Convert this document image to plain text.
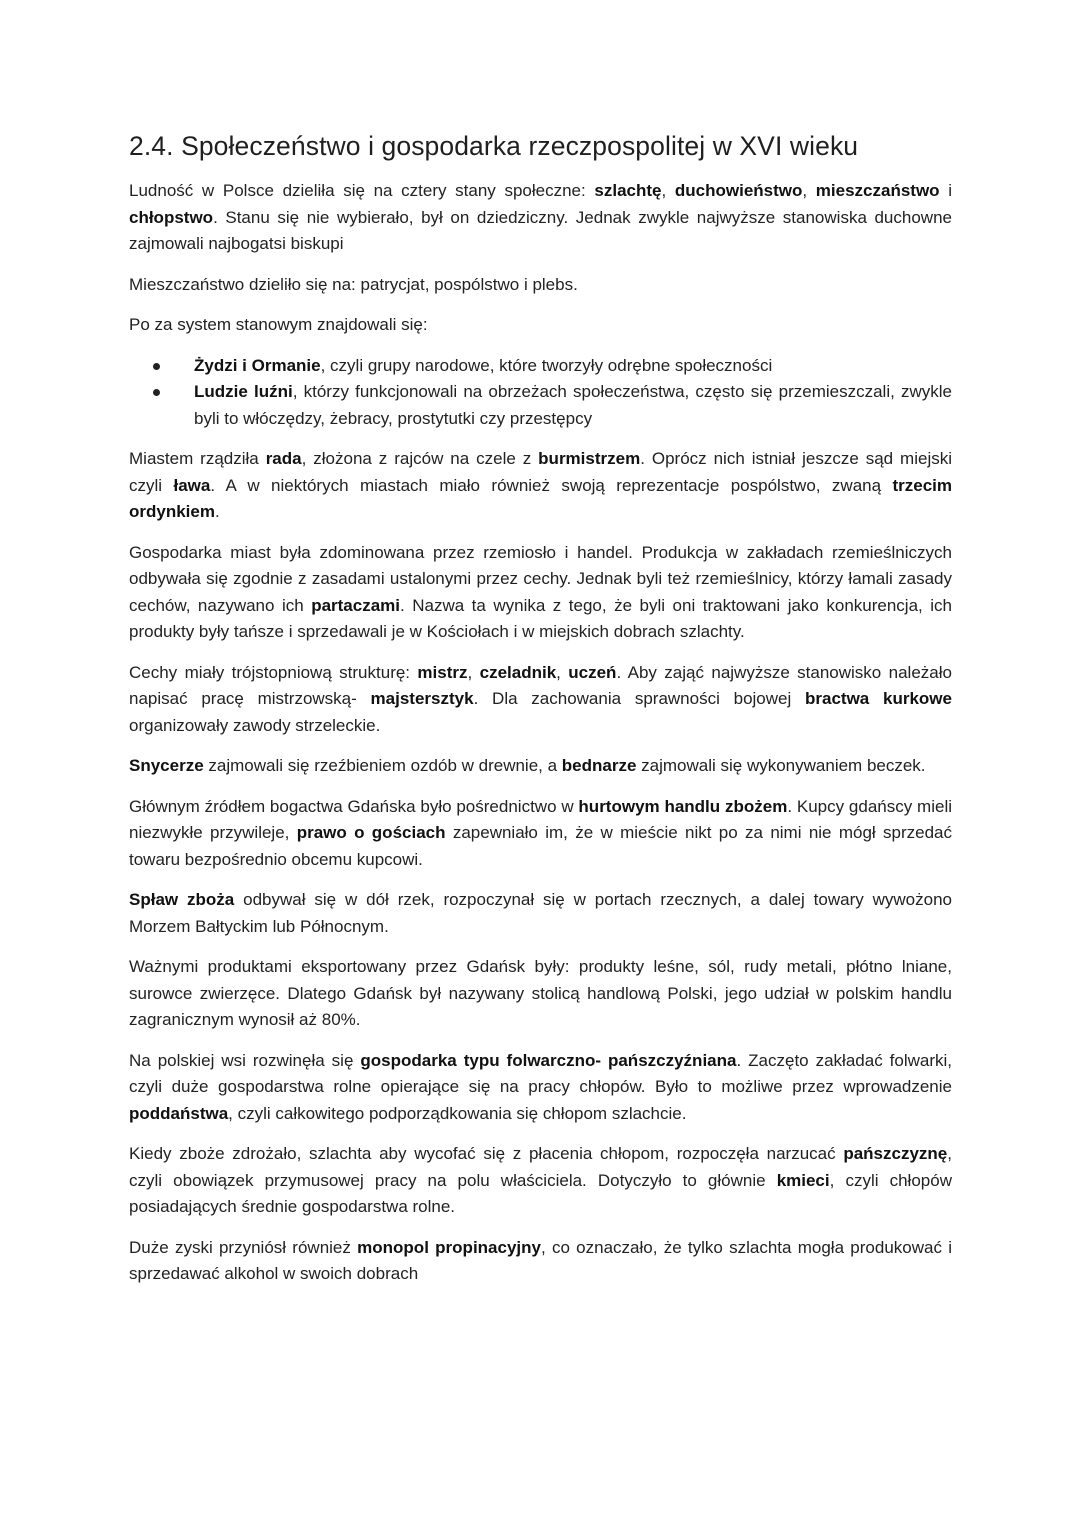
2.4. Społeczeństwo i gospodarka rzeczpospolitej w XVI wieku

Ludność w Polsce dzieliła się na cztery stany społeczne: szlachtę, duchowieństwo, mieszczaństwo i chłopstwo. Stanu się nie wybierało, był on dziedziczny. Jednak zwykle najwyższe stanowiska duchowne zajmowali najbogatsi biskupi

Mieszczaństwo dzieliło się na: patrycjat, pospólstwo i plebs.

Po za system stanowym znajdowali się:

Żydzi i Ormanie, czyli grupy narodowe, które tworzyły odrębne społeczności
Ludzie luźni, którzy funkcjonowali na obrzeżach społeczeństwa, często się przemieszczali, zwykle byli to włóczędzy, żebracy, prostytutki czy przestępcy

Miastem rządziła rada, złożona z rajców na czele z burmistrzem. Oprócz nich istniał jeszcze sąd miejski czyli ława. A w niektórych miastach miało również swoją reprezentacje pospólstwo, zwaną trzecim ordynkiem.

Gospodarka miast była zdominowana przez rzemiosło i handel. Produkcja w zakładach rzemieślniczych odbywała się zgodnie z zasadami ustalonymi przez cechy. Jednak byli też rzemieślnicy, którzy łamali zasady cechów, nazywano ich partaczami. Nazwa ta wynika z tego, że byli oni traktowani jako konkurencja, ich produkty były tańsze i sprzedawali je w Kościołach i w miejskich dobrach szlachty.

Cechy miały trójstopniową strukturę: mistrz, czeladnik, uczeń. Aby zająć najwyższe stanowisko należało napisać pracę mistrzowską- majstersztyk. Dla zachowania sprawności bojowej bractwa kurkowe organizowały zawody strzeleckie.

Snycerze zajmowali się rzeźbieniem ozdób w drewnie, a bednarze zajmowali się wykonywaniem beczek.

Głównym źródłem bogactwa Gdańska było pośrednictwo w hurtowym handlu zbożem. Kupcy gdańscy mieli niezwykłe przywileje, prawo o gościach zapewniało im, że w mieście nikt po za nimi nie mógł sprzedać towaru bezpośrednio obcemu kupcowi.

Spław zboża odbywał się w dół rzek, rozpoczynał się w portach rzecznych, a dalej towary wywożono Morzem Bałtyckim lub Północnym.

Ważnymi produktami eksportowany przez Gdańsk były: produkty leśne, sól, rudy metali, płótno lniane, surowce zwierzęce. Dlatego Gdańsk był nazywany stolicą handlową Polski, jego udział w polskim handlu zagranicznym wynosił aż 80%.

Na polskiej wsi rozwinęła się gospodarka typu folwarczno- pańszczyźniana. Zaczęto zakładać folwarki, czyli duże gospodarstwa rolne opierające się na pracy chłopów. Było to możliwe przez wprowadzenie poddaństwa, czyli całkowitego podporządkowania się chłopom szlachcie.

Kiedy zboże zdrożało, szlachta aby wycofać się z płacenia chłopom, rozpoczęła narzucać pańszczyznę, czyli obowiązek przymusowej pracy na polu właściciela. Dotyczyło to głównie kmieci, czyli chłopów posiadających średnie gospodarstwa rolne.

Duże zyski przyniósł również monopol propinacyjny, co oznaczało, że tylko szlachta mogła produkować i sprzedawać alkohol w swoich dobrach
